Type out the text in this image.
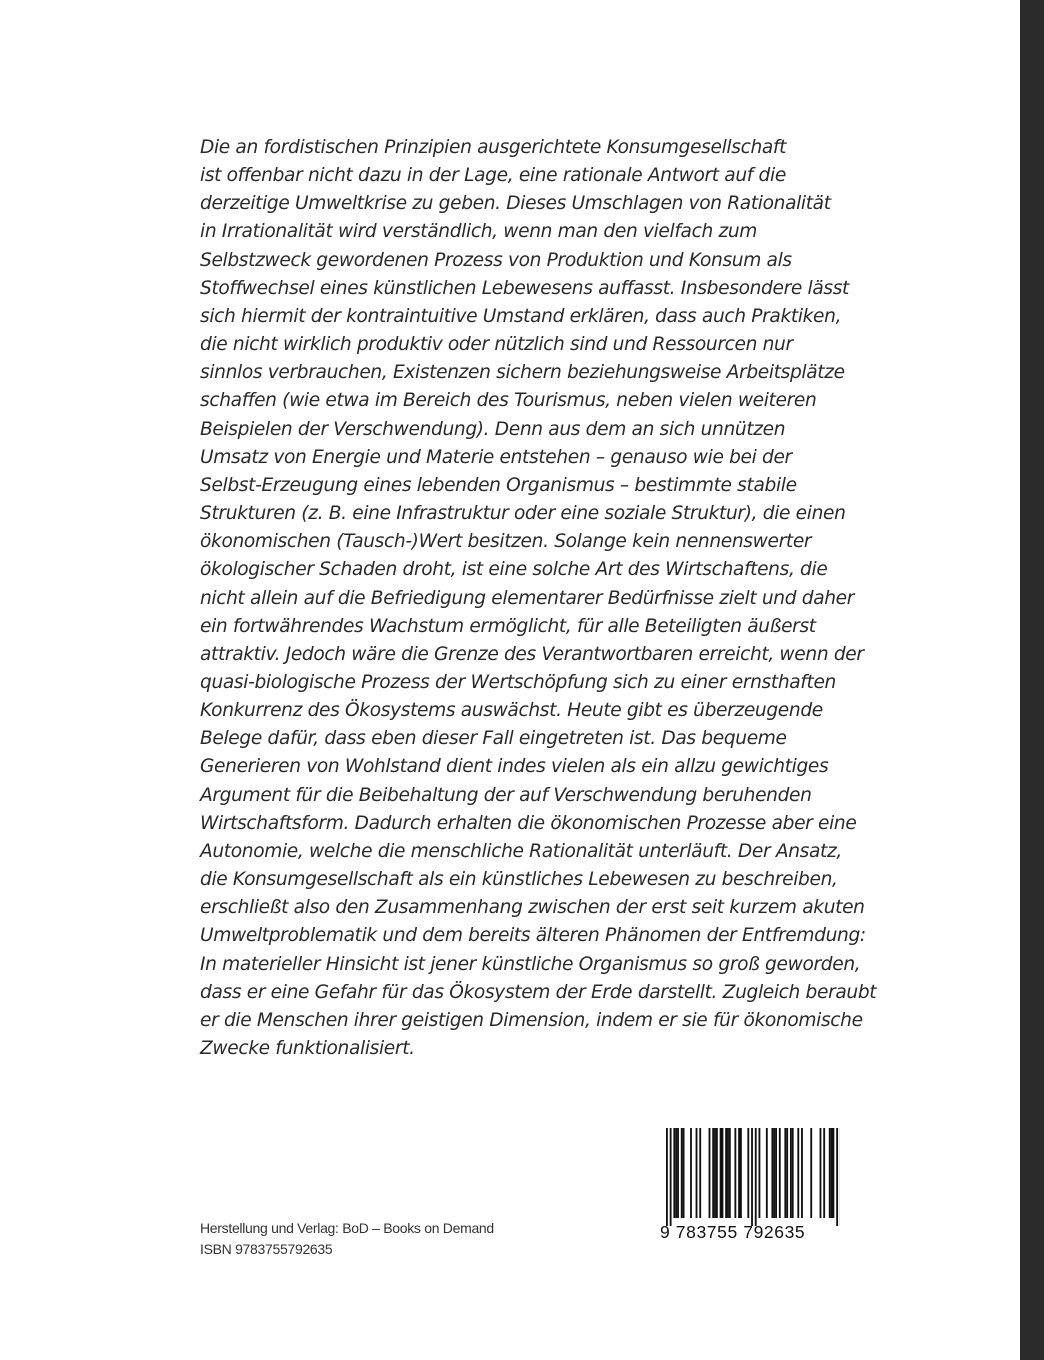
Die an fordistischen Prinzipien ausgerichtete Konsumgesellschaft
ist offenbar nicht dazu in der Lage, eine rationale Antwort auf die
derzeitige Umweltkrise zu geben. Dieses Umschlagen von Rationalität
in Irrationalität wird verständlich, wenn man den vielfach zum
Selbstzweck gewordenen Prozess von Produktion und Konsum als
Stoffwechsel eines künstlichen Lebewesens auffasst. Insbesondere lässt
sich hiermit der kontraintuitive Umstand erklären, dass auch Praktiken,
die nicht wirklich produktiv oder nützlich sind und Ressourcen nur
sinnlos verbrauchen, Existenzen sichern beziehungsweise Arbeitsplätze
schaffen (wie etwa im Bereich des Tourismus, neben vielen weiteren
Beispielen der Verschwendung). Denn aus dem an sich unnützen
Umsatz von Energie und Materie entstehen – genauso wie bei der
Selbst-Erzeugung eines lebenden Organismus – bestimmte stabile
Strukturen (z. B. eine Infrastruktur oder eine soziale Struktur), die einen
ökonomischen (Tausch-)Wert besitzen. Solange kein nennenswerter
ökologischer Schaden droht, ist eine solche Art des Wirtschaftens, die
nicht allein auf die Befriedigung elementarer Bedürfnisse zielt und daher
ein fortwährendes Wachstum ermöglicht, für alle Beteiligten äußerst
attraktiv. Jedoch wäre die Grenze des Verantwortbaren erreicht, wenn der
quasi-biologische Prozess der Wertschöpfung sich zu einer ernsthaften
Konkurrenz des Ökosystems auswächst. Heute gibt es überzeugende
Belege dafür, dass eben dieser Fall eingetreten ist. Das bequeme
Generieren von Wohlstand dient indes vielen als ein allzu gewichtiges
Argument für die Beibehaltung der auf Verschwendung beruhenden
Wirtschaftsform. Dadurch erhalten die ökonomischen Prozesse aber eine
Autonomie, welche die menschliche Rationalität unterläuft. Der Ansatz,
die Konsumgesellschaft als ein künstliches Lebewesen zu beschreiben,
erschließt also den Zusammenhang zwischen der erst seit kurzem akuten
Umweltproblematik und dem bereits älteren Phänomen der Entfremdung:
In materieller Hinsicht ist jener künstliche Organismus so groß geworden,
dass er eine Gefahr für das Ökosystem der Erde darstellt. Zugleich beraubt
er die Menschen ihrer geistigen Dimension, indem er sie für ökonomische
Zwecke funktionalisiert.
Herstellung und Verlag: BoD – Books on Demand
ISBN 9783755792635
9 783755 792635
